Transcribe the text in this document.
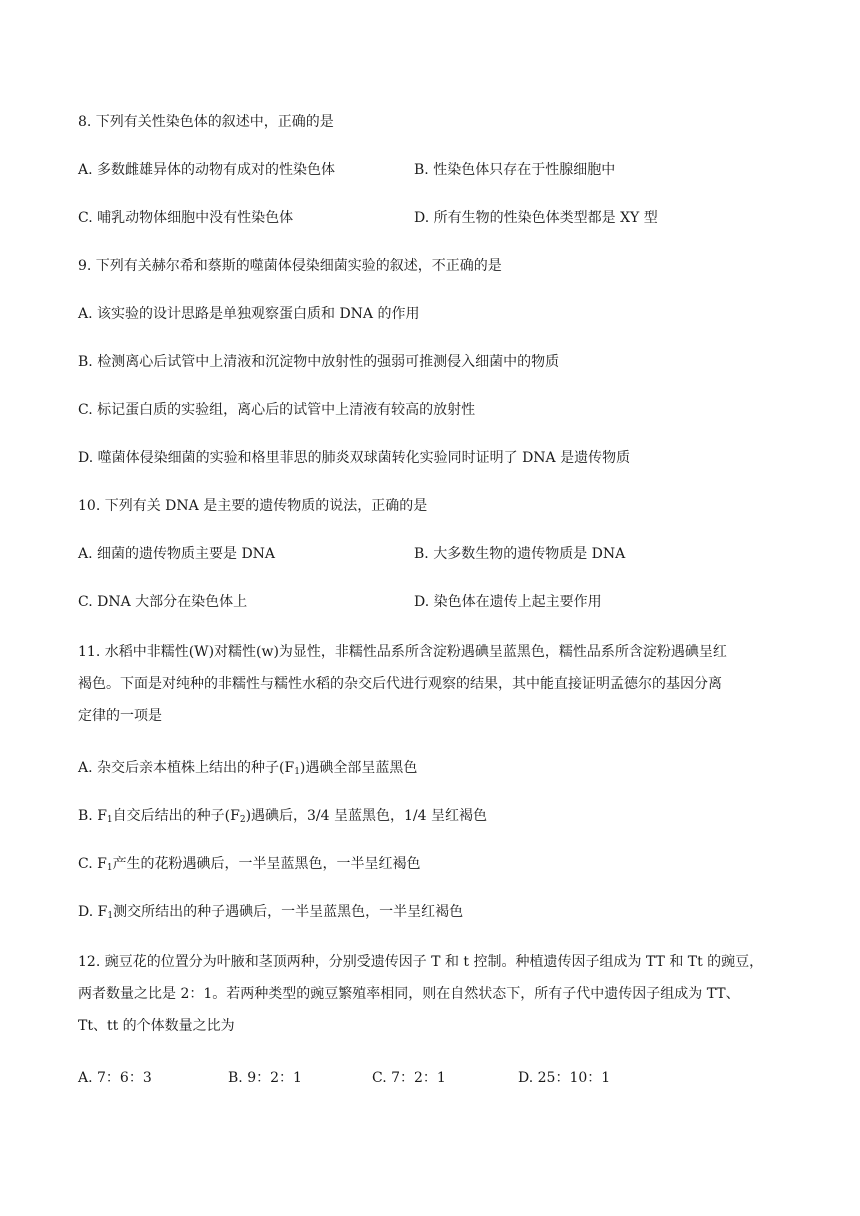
8. 下列有关性染色体的叙述中，正确的是
A. 多数雌雄异体的动物有成对的性染色体	B. 性染色体只存在于性腺细胞中
C. 哺乳动物体细胞中没有性染色体	D. 所有生物的性染色体类型都是 XY 型
9. 下列有关赫尔希和蔡斯的噬菌体侵染细菌实验的叙述，不正确的是
A. 该实验的设计思路是单独观察蛋白质和 DNA 的作用
B. 检测离心后试管中上清液和沉淀物中放射性的强弱可推测侵入细菌中的物质
C. 标记蛋白质的实验组，离心后的试管中上清液有较高的放射性
D. 噬菌体侵染细菌的实验和格里菲思的肺炎双球菌转化实验同时证明了 DNA 是遗传物质
10. 下列有关 DNA 是主要的遗传物质的说法，正确的是
A. 细菌的遗传物质主要是 DNA	B. 大多数生物的遗传物质是 DNA
C. DNA 大部分在染色体上	D. 染色体在遗传上起主要作用
11. 水稻中非糯性(W)对糯性(w)为显性，非糯性品系所含淀粉遇碘呈蓝黑色，糯性品系所含淀粉遇碘呈红
褐色。下面是对纯种的非糯性与糯性水稻的杂交后代进行观察的结果，其中能直接证明孟德尔的基因分离
定律的一项是
A. 杂交后亲本植株上结出的种子$(F_1)$遇碘全部呈蓝黑色
B. $F_1$自交后结出的种子$(F_2)$遇碘后，3/4 呈蓝黑色，1/4 呈红褐色
C. $F_1$产生的花粉遇碘后，一半呈蓝黑色，一半呈红褐色
D. $F_1$测交所结出的种子遇碘后，一半呈蓝黑色，一半呈红褐色
12. 豌豆花的位置分为叶腋和茎顶两种，分别受遗传因子 T 和 t 控制。种植遗传因子组成为 TT 和 Tt 的豌豆，
两者数量之比是 2：1。若两种类型的豌豆繁殖率相同，则在自然状态下，所有子代中遗传因子组成为 TT、
Tt、tt 的个体数量之比为
A. 7：6：3	B. 9：2：1	C. 7：2：1	D. 25：10：1
